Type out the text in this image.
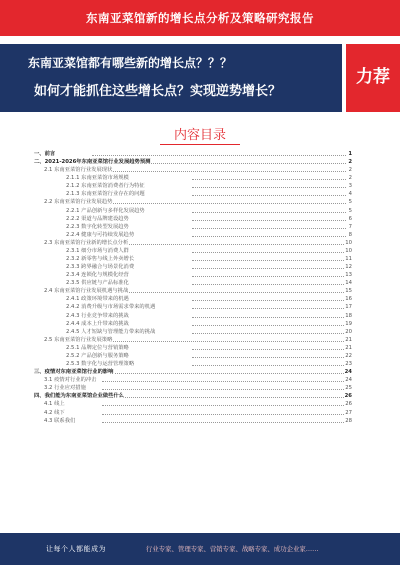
东南亚菜馆新的增长点分析及策略研究报告
东南亚菜馆都有哪些新的增长点？？？
如何才能抓住这些增长点？实现逆势增长？
力荐
内容目录
一、前言	1
二、2021-2026年东南亚菜馆行业发展趋势预测	2
2.1 东南亚菜馆行业发展现状	2
2.1.1 东南亚菜馆市场规模	2
2.1.2 东南亚菜馆消费者行为特征	3
2.1.3 东南亚菜馆行业存在的问题	4
2.2 东南亚菜馆行业发展趋势	5
2.2.1 产品创新与多样化发展趋势	5
2.2.2 渠道与品牌建设趋势	6
2.2.3 数字化转型发展趋势	7
2.2.4 健康与可持续发展趋势	8
2.3 东南亚菜馆行业新的增长点分析	10
2.3.1 细分市场与消费人群	10
2.3.2 新零售与线上外卖增长	11
2.3.3 跨界融合与场景化消费	12
2.3.4 连锁化与规模化经营	13
2.3.5 供应链与产品标准化	14
2.4 东南亚菜馆行业发展机遇与挑战	15
2.4.1 政策环境带来的机遇	16
2.4.2 消费升级与市场需求带来的机遇	17
2.4.3 行业竞争带来的挑战	18
2.4.4 成本上升带来的挑战	19
2.4.5 人才短缺与管理能力带来的挑战	20
2.5 东南亚菜馆行业发展策略	21
2.5.1 品牌定位与营销策略	21
2.5.2 产品创新与服务策略	22
2.5.3 数字化与运营管理策略	23
三、疫情对东南亚菜馆行业的影响	24
3.1 疫情对行业的冲击	24
3.2 行业应对措施	25
四、我们能为东南亚菜馆企业做些什么	26
4.1 线上	26
4.2 线下	27
4.3 联系我们	28
让每个人都能成为	行业专家、管理专家、营销专家、战略专家、成功企业家……
